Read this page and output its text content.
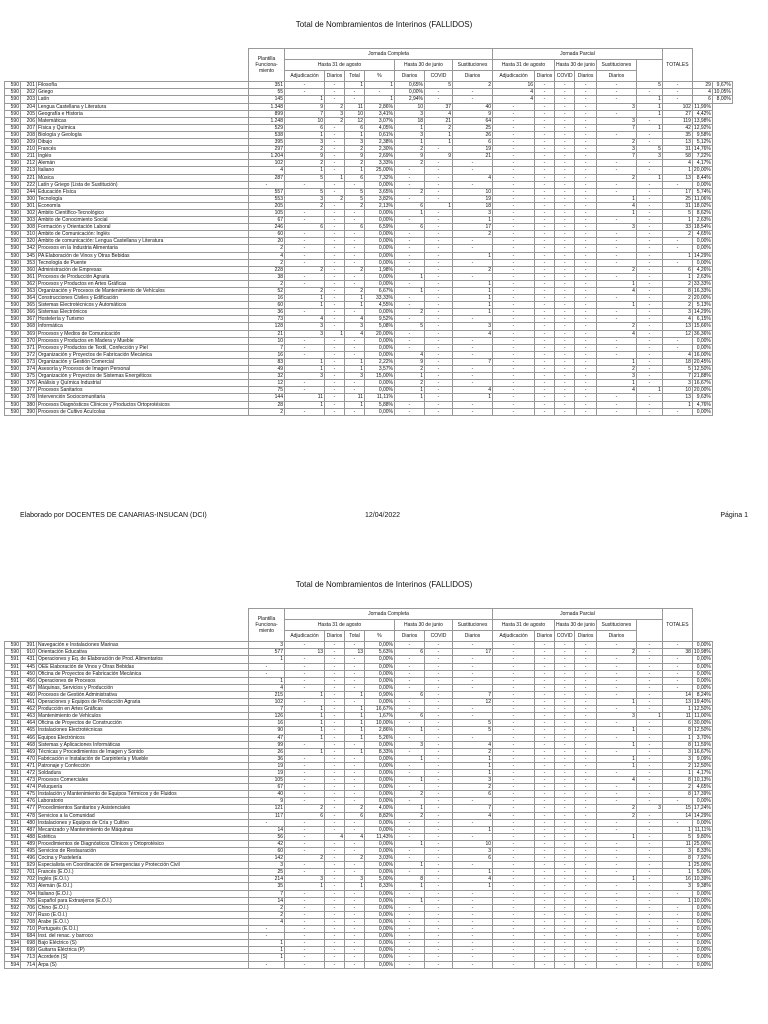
Total de Nombramientos de Interinos (FALLIDOS)
			Plantilla Funciona-miento	Jornada Completa							Jornada Parcial						TOTALES		
				Hasta 31 de agosto				Hasta 30 de junio		Sustituciones	Hasta 31 de agosto		Hasta 30 de junio		Sustituciones				
				Adjudicación	Diarios	Total	%	Diarios	COVID	Diarios	Adjudicación	Diarios	COVID	Diarios	Diarios				
590	201	Filosofía	351	-	-	1	1	0,65%	5	2	16	-	-	-	-	5	-	29	9,67%
590	202	Griego	55	-	-	-	-	0,00%	-	-	4	-	-	-	-	-	-	4	10,05%
590	203	Latín	145	1	-	-	1	2,94%	-	-	4	-	-	-	-	1	-	6	8,00%
590	204	Lengua Castellana y Literatura	1.348	9	2	11	2,86%	10	37	40	-	-	-	-	3	1	102	11,99%	
590	205	Geografía e Historia	899	7	3	10	3,41%	3	4	9	-	-	-	-	-	1	27	4,42%	
590	206	Matemáticas	1.248	10	2	12	3,07%	18	21	64	-	-	-	-	3	-	119	13,98%	
590	207	Física y Química	529	6	-	6	4,05%	1	2	25	-	-	-	-	7	1	42	12,92%	
590	208	Biología y Geología	538	1	-	1	0,61%	3	1	26	-	-	-	-	-	-	35	9,58%	
590	209	Dibujo	395	3	-	3	2,38%	1	1	6	-	-	-	-	2	-	13	5,12%	
590	210	Francés	297	2	-	2	2,30%	2	-	19	-	-	-	-	3	5	31	14,76%	
590	211	Inglés	1.204	9	-	9	2,69%	9	9	21	-	-	-	-	7	3	58	7,22%	
590	212	Alemán	102	2	-	2	3,33%	2	-	-	-	-	-	-	-	-	4	4,17%	
590	213	Italiano	4	1	-	1	25,00%	-	-	-	-	-	-	-	-	-	1	20,00%	
590	221	Música	287	5	1	6	7,32%	-	-	4	-	-	-	-	2	1	13	8,44%	
590	222	Latín y Griego (Lista de Sustitución)	-	-	-	-	0,00%	-	-	-	-	-	-	-	-	-	-	0,00%	
590	244	Educación Física	557	5	-	5	3,65%	2	-	10	-	-	-	-	-	-	17	5,74%	
590	300	Tecnología	553	3	2	5	3,82%	-	-	19	-	-	-	-	1	-	25	11,06%	
590	301	Economía	205	2	-	2	2,13%	6	1	18	-	-	-	-	4	-	31	18,02%	
590	302	Ámbito Científico-Tecnológico	105	-	-	-	0,00%	1	-	3	-	-	-	-	1	-	5	8,62%	
590	303	Ámbito de Conocimiento Social	67	-	-	-	0,00%	-	-	1	-	-	-	-	-	-	1	2,63%	
590	308	Formación y Orientación Laboral	246	6	-	6	6,59%	6	-	17	-	-	-	-	3	-	33	18,54%	
590	310	Ámbito de Comunicación: Inglés	60	-	-	-	0,00%	-	-	2	-	-	-	-	-	-	2	4,65%	
590	320	Ámbito de comunicación: Lengua Castellana y Literatura	20	-	-	-	0,00%	-	-	-	-	-	-	-	-	-	-	0,00%	
590	342	Procesos en la Industria Alimentaria	2	-	-	-	0,00%	-	-	-	-	-	-	-	-	-	-	0,00%	
590	345	PA Elaboración de Vinos y Otras Bebidas	4	-	-	-	0,00%	-	-	1	-	-	-	-	-	-	1	14,29%	
590	353	Tecnología de Puente	2	-	-	-	0,00%	-	-	-	-	-	-	-	-	-	-	0,00%	
590	360	Administración de Empresas	228	2	-	2	1,98%	-	-	2	-	-	-	-	2	-	6	4,26%	
590	361	Procesos de Producción Agraria	38	-	-	-	0,00%	1	-	-	-	-	-	-	-	-	1	2,63%	
590	362	Procesos y Productos en Artes Gráficas	2	-	-	-	0,00%	-	-	1	-	-	-	-	1	-	2	33,33%	
590	363	Organización y Procesos de Mantenimiento de Vehículos	52	2	-	2	6,67%	1	-	1	-	-	-	-	4	-	8	16,33%	
590	364	Construcciones Civiles y Edificación	16	1	-	1	33,33%	-	-	1	-	-	-	-	-	-	2	20,00%	
590	365	Sistemas Electrotécnicos y Automáticos	60	1	-	1	4,55%	-	-	1	-	-	-	-	1	-	2	5,13%	
590	366	Sistemas Electrónicos	36	-	-	-	0,00%	2	-	1	-	-	-	-	-	-	3	14,29%	
590	367	Hostelería y Turismo	73	4	-	4	9,52%	-	-	-	-	-	-	-	-	-	4	6,15%	
590	368	Informática	128	3	-	3	5,08%	5	-	3	-	-	-	-	2	-	13	15,66%	
590	369	Procesos y Medios de Comunicación	21	3	1	4	20,00%	-	-	4	-	-	-	-	4	-	12	36,36%	
590	370	Procesos y Productos en Madera y Mueble	10	-	-	-	0,00%	-	-	-	-	-	-	-	-	-	-	0,00%	
590	371	Procesos y Productos de Textil, Confección y Piel	7	-	-	-	0,00%	-	-	-	-	-	-	-	-	-	-	0,00%	
590	372	Organización y Proyectos de Fabricación Mecánica	16	-	-	-	0,00%	4	-	-	-	-	-	-	-	-	4	16,00%	
590	373	Organización y Gestión Comercial	83	1	-	1	2,22%	9	-	7	-	-	-	-	1	-	18	20,45%	
590	374	Asesoría y Procesos de Imagen Personal	49	1	-	1	3,57%	2	-	-	-	-	-	-	2	-	5	12,50%	
590	375	Organización y Proyectos de Sistemas Energéticos	32	3	-	3	15,00%	1	-	-	-	-	-	-	3	-	7	21,88%	
590	376	Análisis y Química Industrial	12	-	-	-	0,00%	2	-	-	-	-	-	-	1	-	3	16,67%	
590	377	Procesos Sanitarios	75	-	-	-	0,00%	1	-	4	-	-	-	-	4	1	10	20,00%	
590	378	Intervención Sociocomunitaria	144	11	-	11	11,11%	1	-	1	-	-	-	-	-	-	13	9,63%	
590	380	Procesos Diagnósticos Clínicos y Productos Ortoprotésicos	28	1	-	1	5,88%	-	-	-	-	-	-	-	-	-	1	4,76%	
590	390	Procesos de Cultivo Acuícolas	2	-	-	-	0,00%	-	-	-	-	-	-	-	-	-	-	0,00%	
Elaborado por DOCENTES DE CANARIAS-INSUCAN (DCI)	12/04/2022	Página 1
Total de Nombramientos de Interinos (FALLIDOS)
			Plantilla Funciona-miento	Jornada Completa							Jornada Parcial						TOTALES	
				Hasta 31 de agosto				Hasta 30 de junio		Sustituciones	Hasta 31 de agosto		Hasta 30 de junio		Sustituciones			
				Adjudicación	Diarios	Total	%	Diarios	COVID	Diarios	Adjudicación	Diarios	COVID	Diarios	Diarios			
590	391	Navegación e Instalaciones Marinas	3	-	-	-	0,00%	-	-	-	-	-	-	-	-	-	-	0,00%
590	910	Orientación Educativa	577	13	-	13	5,63%	6	-	17	-	-	-	-	2	-	38	10,98%
591	431	Operaciones y Eq. de Elaboración de Prod. Alimentarios	1	-	-	-	0,00%	-	-	-	-	-	-	-	-	-	-	0,00%
591	445	OEE Elaboración de Vinos y Otras Bebidas	-	-	-	-	0,00%	-	-	-	-	-	-	-	-	-	-	0,00%
591	450	Oficina de Proyectos de Fabricación Mecánica	-	-	-	-	0,00%	-	-	-	-	-	-	-	-	-	-	0,00%
591	456	Operaciones de Procesos	1	-	-	-	0,00%	-	-	-	-	-	-	-	-	-	-	0,00%
591	457	Máquinas, Servicios y Producción	4	-	-	-	0,00%	-	-	-	-	-	-	-	-	-	-	0,00%
591	460	Procesos de Gestión Administrativa	215	1	-	1	0,90%	6	-	7	-	-	-	-	-	-	14	8,24%
591	461	Operaciones y Equipos de Producción Agraria	102	-	-	-	0,00%	-	-	12	-	-	-	-	1	-	13	19,40%
591	462	Producción en Artes Gráficas	7	1	-	1	16,67%	-	-	-	-	-	-	-	-	-	1	12,50%
591	463	Mantenimiento de Vehículos	126	1	-	1	1,67%	6	-	-	-	-	-	-	3	1	11	11,00%
591	464	Oficina de Proyectos de Construcción	16	1	-	1	10,00%	-	-	5	-	-	-	-	-	-	6	30,00%
591	465	Instalaciones Electrotécnicas	90	1	-	1	2,86%	1	-	5	-	-	-	-	1	-	8	12,50%
591	466	Equipos Electrónicos	47	1	-	1	5,26%	-	-	-	-	-	-	-	-	-	1	3,70%
591	468	Sistemas y Aplicaciones Informáticas	99	-	-	-	0,00%	3	-	4	-	-	-	-	1	-	8	11,59%
591	469	Técnicas y Procedimientos de Imagen y Sonido	26	1	-	1	8,33%	-	-	2	-	-	-	-	-	-	3	16,67%
591	470	Fabricación e Instalación de Carpintería y Mueble	36	-	-	-	0,00%	1	-	1	-	-	-	-	1	-	3	9,09%
591	471	Patronaje y Confección	19	-	-	-	0,00%	-	-	1	-	-	-	-	1	-	2	12,50%
591	472	Soldadura	19	-	-	-	0,00%	-	-	1	-	-	-	-	-	-	1	4,17%
591	473	Procesos Comerciales	105	-	-	-	0,00%	1	-	3	-	-	-	-	4	-	8	10,13%
591	474	Peluquería	67	-	-	-	0,00%	-	-	2	-	-	-	-	-	-	2	4,65%
591	475	Instalación y Mantenimiento de Equipos Térmicos y de Fluidos	40	-	-	-	0,00%	2	-	6	-	-	-	-	-	-	8	17,39%
591	476	Laboratorio	9	-	-	-	0,00%	-	-	-	-	-	-	-	-	-	-	0,00%
591	477	Procedimientos Sanitarios y Asistenciales	121	2	-	2	4,00%	1	-	7	-	-	-	-	2	3	15	17,24%
591	478	Servicios a la Comunidad	117	6	-	6	8,82%	2	-	4	-	-	-	-	2	-	14	14,29%
591	480	Instalaciones y Equipos de Cría y Cultivo	-	-	-	-	0,00%	-	-	-	-	-	-	-	-	-	-	0,00%
591	487	Mecanizado y Mantenimiento de Máquinas	14	-	-	-	0,00%	-	-	1	-	-	-	-	-	-	1	11,11%
591	488	Estética	56	-	4	4	11,43%	-	-	-	-	-	-	-	1	-	5	9,80%
591	489	Procedimientos de Diagnósticos Clínicos y Ortoprotésico	42	-	-	-	0,00%	1	-	10	-	-	-	-	-	-	11	25,00%
591	495	Servicios de Restauración	60	-	-	-	0,00%	-	-	3	-	-	-	-	-	-	3	8,33%
591	496	Cocina y Pastelería	142	2	-	2	3,03%	-	-	6	-	-	-	-	-	-	8	7,92%
591	929	Especialista en Coordinación de Emergencias y Protección Civil	3	-	-	-	0,00%	1	-	-	-	-	-	-	-	-	1	25,00%
592	701	Francés (E.O.I.)	25	-	-	-	0,00%	-	-	1	-	-	-	-	-	-	1	5,00%
592	702	Inglés (E.O.I.)	214	3	-	3	5,00%	8	-	4	-	-	-	-	1	-	16	10,39%
592	703	Alemán (E.O.I.)	35	1	-	1	8,33%	1	-	1	-	-	-	-	-	-	3	9,38%
592	704	Italiano (E.O.I.)	7	-	-	-	0,00%	-	-	-	-	-	-	-	-	-	-	0,00%
592	705	Español para Extranjeros (E.O.I.)	14	-	-	-	0,00%	1	-	-	-	-	-	-	-	-	1	10,00%
592	706	Chino (E.O.I.)	2	-	-	-	0,00%	-	-	-	-	-	-	-	-	-	-	0,00%
592	707	Ruso (E.O.I.)	2	-	-	-	0,00%	-	-	-	-	-	-	-	-	-	-	0,00%
592	708	Árabe (E.O.I.)	4	-	-	-	0,00%	-	-	-	-	-	-	-	-	-	-	0,00%
592	710	Portugués (E.O.I.)	-	-	-	-	0,00%	-	-	-	-	-	-	-	-	-	-	0,00%
594	684	Inst. del renac. y barroco	-	-	-	-	0,00%	-	-	-	-	-	-	-	-	-	-	0,00%
594	698	Bajo Eléctrico (S)	1	-	-	-	0,00%	-	-	-	-	-	-	-	-	-	-	0,00%
594	699	Guitarra Eléctrica (P)	1	-	-	-	0,00%	-	-	-	-	-	-	-	-	-	-	0,00%
594	713	Acordeón (S)	1	-	-	-	0,00%	-	-	-	-	-	-	-	-	-	-	0,00%
594	714	Arpa (S)	-	-	-	-	0,00%	-	-	-	-	-	-	-	-	-	-	0,00%
